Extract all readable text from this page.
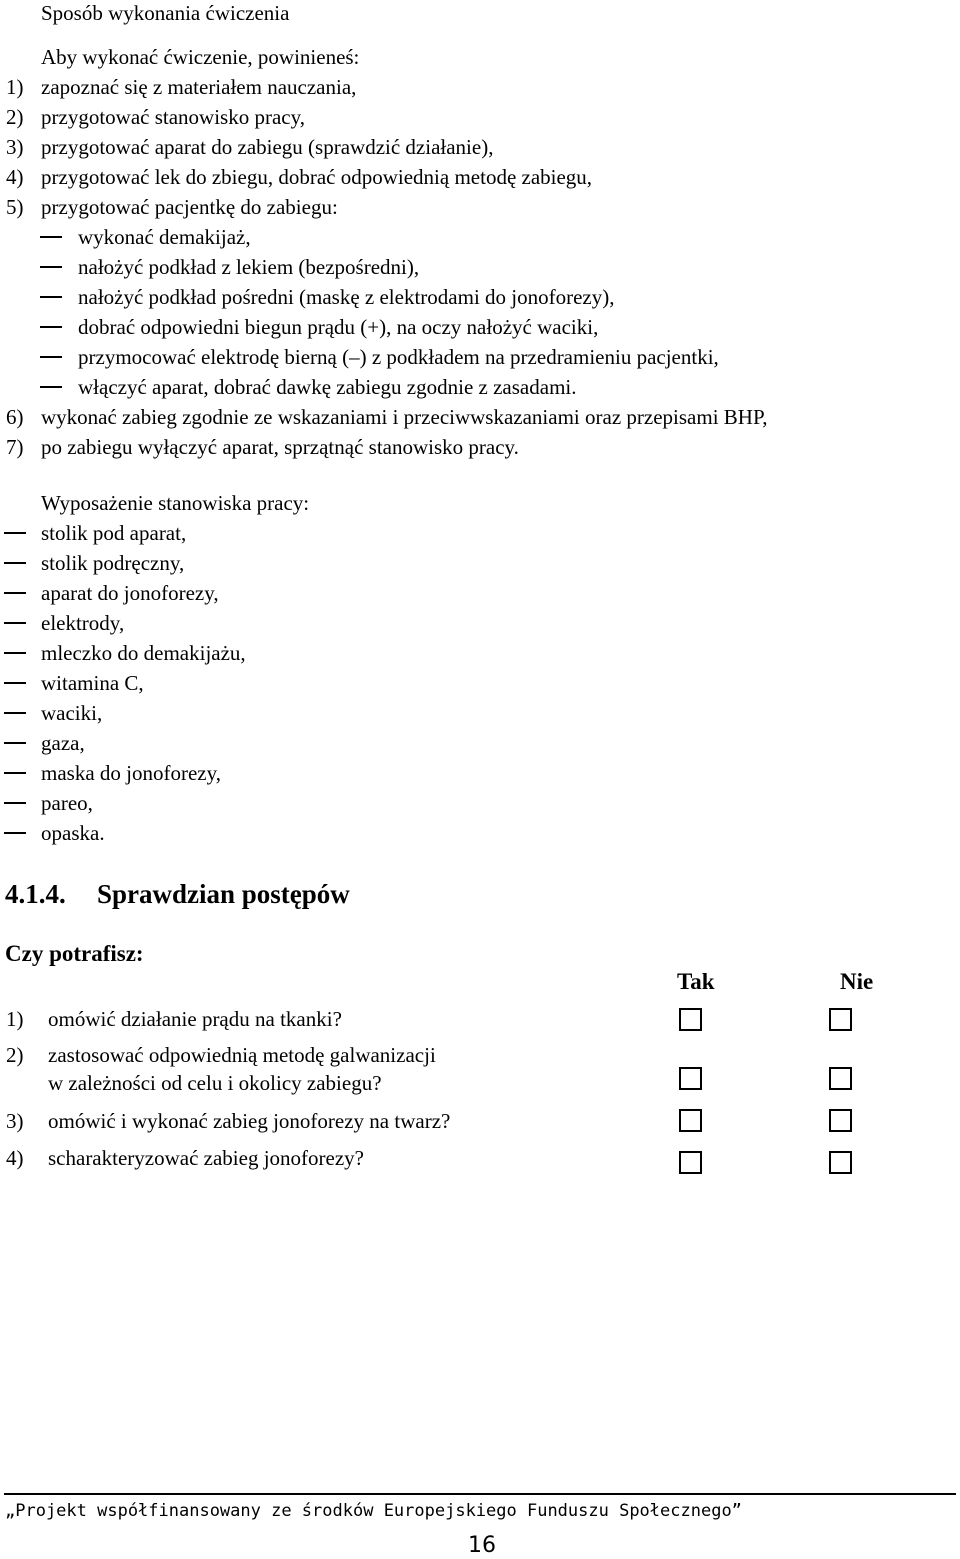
Sposób wykonania ćwiczenia
Aby wykonać ćwiczenie, powinieneś:
1) zapoznać się z materiałem nauczania,
2) przygotować stanowisko pracy,
3) przygotować aparat do zabiegu (sprawdzić działanie),
4) przygotować lek do zbiegu, dobrać odpowiednią metodę zabiegu,
5) przygotować pacjentkę do zabiegu:
wykonać demakijaż,
nałożyć podkład z lekiem (bezpośredni),
nałożyć podkład pośredni (maskę z elektrodami do jonoforezy),
dobrać odpowiedni biegun prądu (+), na oczy nałożyć waciki,
przymocować elektrodę bierną (–) z podkładem na przedramieniu pacjentki,
włączyć aparat, dobrać dawkę zabiegu zgodnie z zasadami.
6) wykonać zabieg zgodnie ze wskazaniami i przeciwwskazaniami oraz przepisami BHP,
7) po zabiegu wyłączyć aparat, sprzątnąć stanowisko pracy.
Wyposażenie stanowiska pracy:
stolik pod aparat,
stolik podręczny,
aparat do jonoforezy,
elektrody,
mleczko do demakijażu,
witamina C,
waciki,
gaza,
maska do jonoforezy,
pareo,
opaska.
4.1.4. Sprawdzian postępów
Czy potrafisz:
Tak	Nie
1) omówić działanie prądu na tkanki?
2) zastosować odpowiednią metodę galwanizacji
w zależności od celu i okolicy zabiegu?
3) omówić i wykonać zabieg jonoforezy na twarz?
4) scharakteryzować zabieg jonoforezy?
„Projekt współfinansowany ze środków Europejskiego Funduszu Społecznego”
16
